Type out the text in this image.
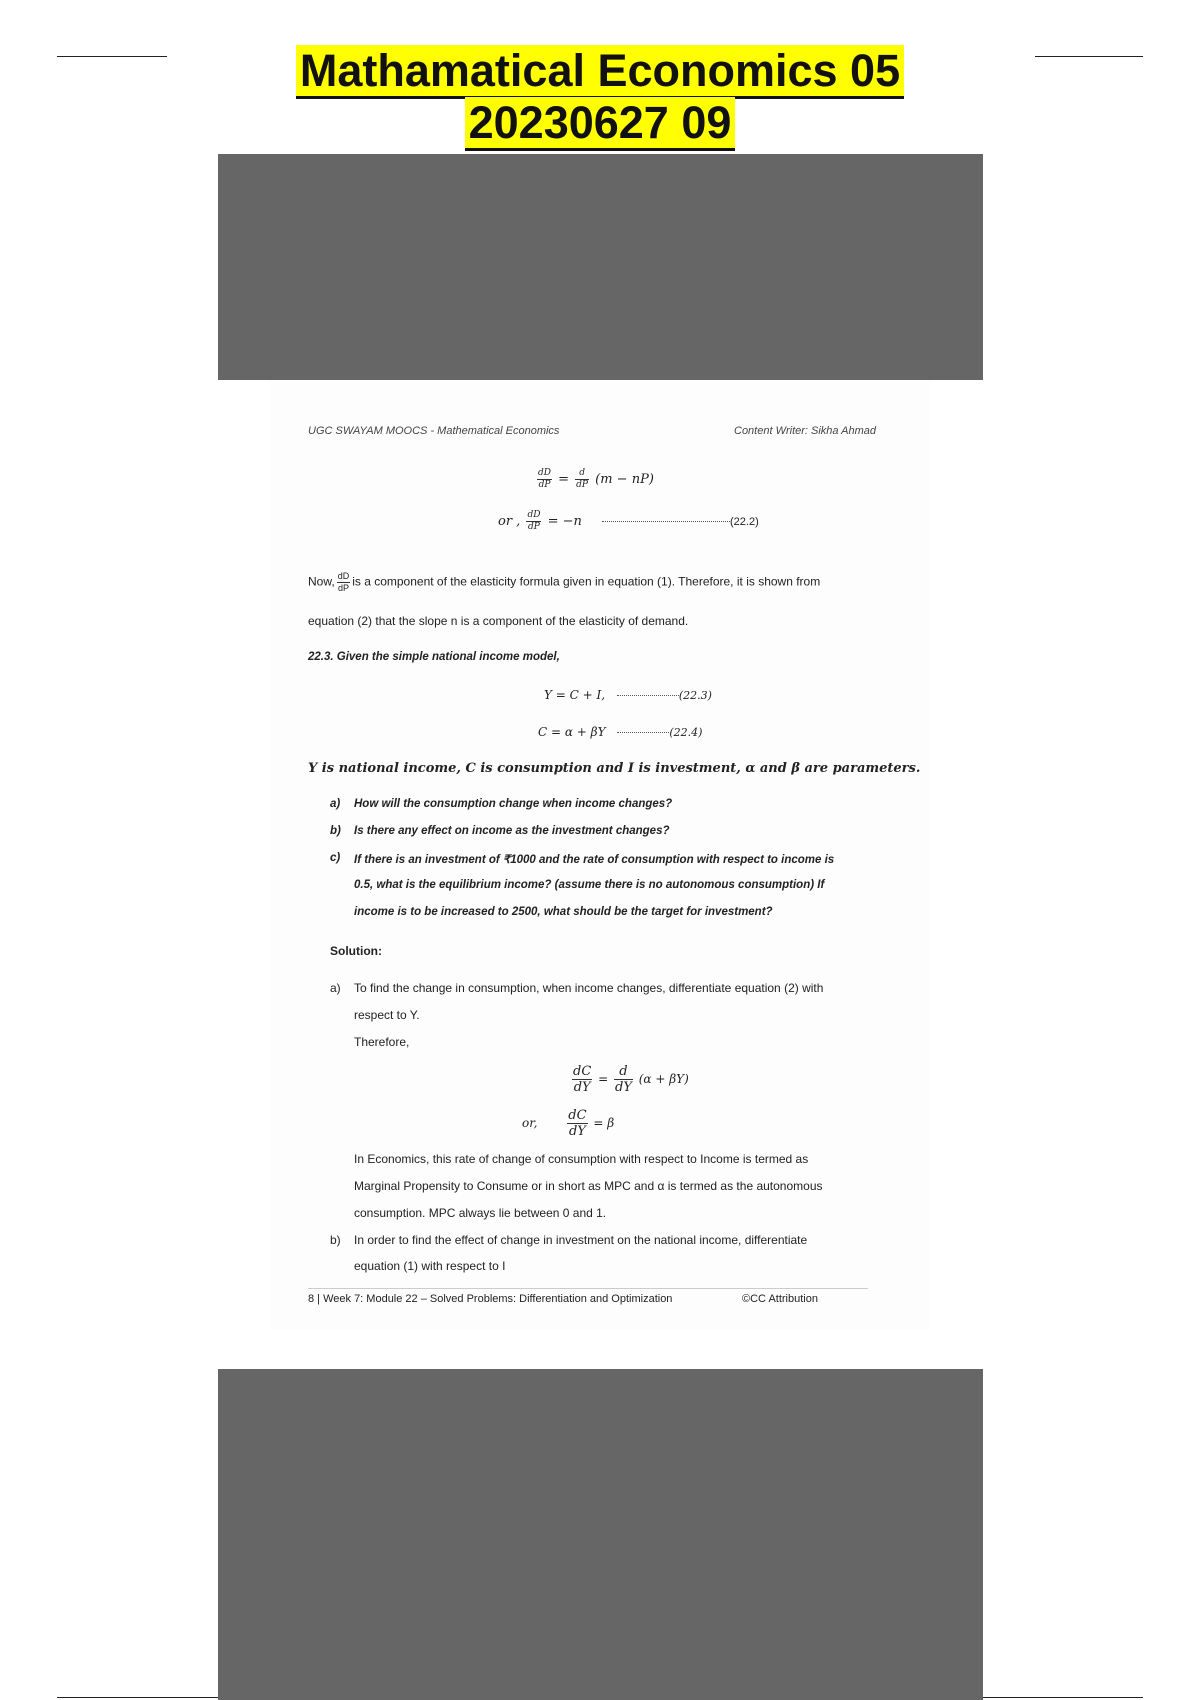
Mathamatical Economics 05
20230627 09
UGC SWAYAM MOOCS - Mathematical Economics	Content Writer: Sikha Ahmad
$\frac{dD}{dP} = \frac{d}{dP} (m - nP)$
or , $\frac{dD}{dP} = -n$	(22.2)
Now, $\frac{dD}{dP}$ is a component of the elasticity formula given in equation (1). Therefore, it is shown from
equation (2) that the slope n is a component of the elasticity of demand.
22.3. Given the simple national income model,
Y = C + I,	(22.3)
C = α + βY	(22.4)
Y is national income, C is consumption and I is investment, α and β are parameters.
a) How will the consumption change when income changes?
b) Is there any effect on income as the investment changes?
c) If there is an investment of ₹1000 and the rate of consumption with respect to income is
0.5, what is the equilibrium income? (assume there is no autonomous consumption) If
income is to be increased to 2500, what should be the target for investment?
Solution:
a) To find the change in consumption, when income changes, differentiate equation (2) with
respect to Y.
Therefore,
$\frac{dC}{dY} = \frac{d}{dY} (\alpha + \beta Y)$
or, $\frac{dC}{dY} = \beta$
In Economics, this rate of change of consumption with respect to Income is termed as
Marginal Propensity to Consume or in short as MPC and α is termed as the autonomous
consumption. MPC always lie between 0 and 1.
b) In order to find the effect of change in investment on the national income, differentiate
equation (1) with respect to I
8 | Week 7: Module 22 – Solved Problems: Differentiation and Optimization	©CC Attribution
